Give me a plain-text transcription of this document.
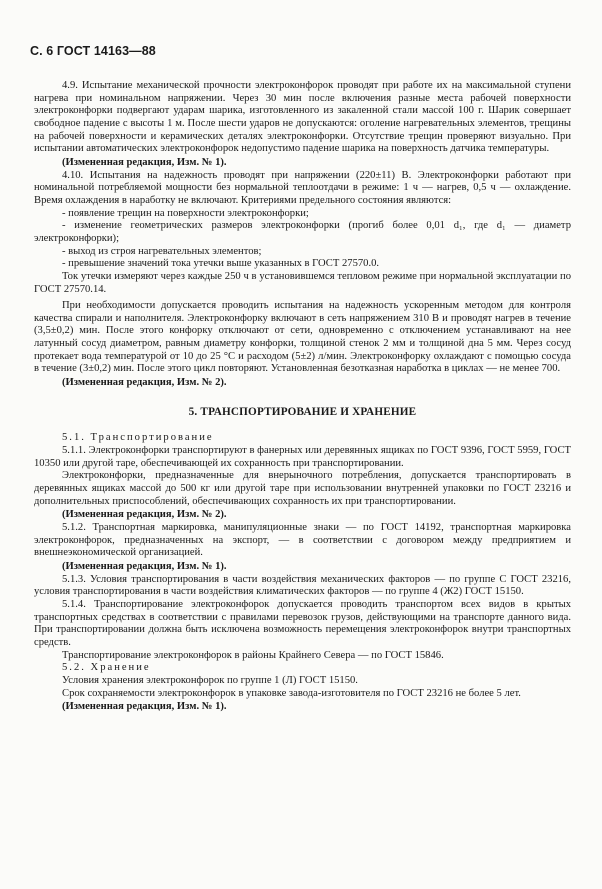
С. 6 ГОСТ 14163—88

4.9. Испытание механической прочности электроконфорок проводят при работе их на максимальной ступени нагрева при номинальном напряжении. Через 30 мин после включения разные места рабочей поверхности электроконфорки подвергают ударам шарика, изготовленного из закаленной стали массой 100 г. Шарик совершает свободное падение с высоты 1 м. После шести ударов не допускаются: оголение нагревательных элементов, трещины на рабочей поверхности и керамических деталях электроконфорки. Отсутствие трещин проверяют визуально. При испытании автоматических электроконфорок недопустимо падение шарика на поверхность датчика температуры.

(Измененная редакция, Изм. № 1).

4.10. Испытания на надежность проводят при напряжении (220±11) В. Электроконфорки работают при номинальной потребляемой мощности без нормальной теплоотдачи в режиме: 1 ч — нагрев, 0,5 ч — охлаждение. Время охлаждения в наработку не включают. Критериями предельного состояния являются:

- появление трещин на поверхности электроконфорки;

- изменение геометрических размеров электроконфорки (прогиб более 0,01 d₁, где d₁ — диаметр электроконфорки);

- выход из строя нагревательных элементов;

- превышение значений тока утечки выше указанных в ГОСТ 27570.0.

Ток утечки измеряют через каждые 250 ч в установившемся тепловом режиме при нормальной эксплуатации по ГОСТ 27570.14.

При необходимости допускается проводить испытания на надежность ускоренным методом для контроля качества спирали и наполнителя. Электроконфорку включают в сеть напряжением 310 В и проводят нагрев в течение (3,5±0,2) мин. После этого конфорку отключают от сети, одновременно с отключением устанавливают на нее латунный сосуд диаметром, равным диаметру конфорки, толщиной стенок 2 мм и толщиной дна 5 мм. Через сосуд протекает вода температурой от 10 до 25 °С и расходом (5±2) л/мин. Электроконфорку охлаждают с помощью сосуда в течение (3±0,2) мин. После этого цикл повторяют. Установленная безотказная наработка в циклах — не менее 700.

(Измененная редакция, Изм. № 2).

5. ТРАНСПОРТИРОВАНИЕ И ХРАНЕНИЕ

5.1. Транспортирование

5.1.1. Электроконфорки транспортируют в фанерных или деревянных ящиках по ГОСТ 9396, ГОСТ 5959, ГОСТ 10350 или другой таре, обеспечивающей их сохранность при транспортировании.

Электроконфорки, предназначенные для внерыночного потребления, допускается транспортировать в деревянных ящиках массой до 500 кг или другой таре при использовании внутренней упаковки по ГОСТ 23216 и дополнительных приспособлений, обеспечивающих сохранность их при транспортировании.

(Измененная редакция, Изм. № 2).

5.1.2. Транспортная маркировка, манипуляционные знаки — по ГОСТ 14192, транспортная маркировка электроконфорок, предназначенных на экспорт, — в соответствии с договором между предприятием и внешнеэкономической организацией.

(Измененная редакция, Изм. № 1).

5.1.3. Условия транспортирования в части воздействия механических факторов — по группе С ГОСТ 23216, условия транспортирования в части воздействия климатических факторов — по группе 4 (Ж2) ГОСТ 15150.

5.1.4. Транспортирование электроконфорок допускается проводить транспортом всех видов в крытых транспортных средствах в соответствии с правилами перевозок грузов, действующими на транспорте данного вида. При транспортировании должна быть исключена возможность перемещения электроконфорок внутри транспортных средств.

Транспортирование электроконфорок в районы Крайнего Севера — по ГОСТ 15846.

5.2. Хранение

Условия хранения электроконфорок по группе 1 (Л) ГОСТ 15150.

Срок сохраняемости электроконфорок в упаковке завода-изготовителя по ГОСТ 23216 не более 5 лет.

(Измененная редакция, Изм. № 1).
